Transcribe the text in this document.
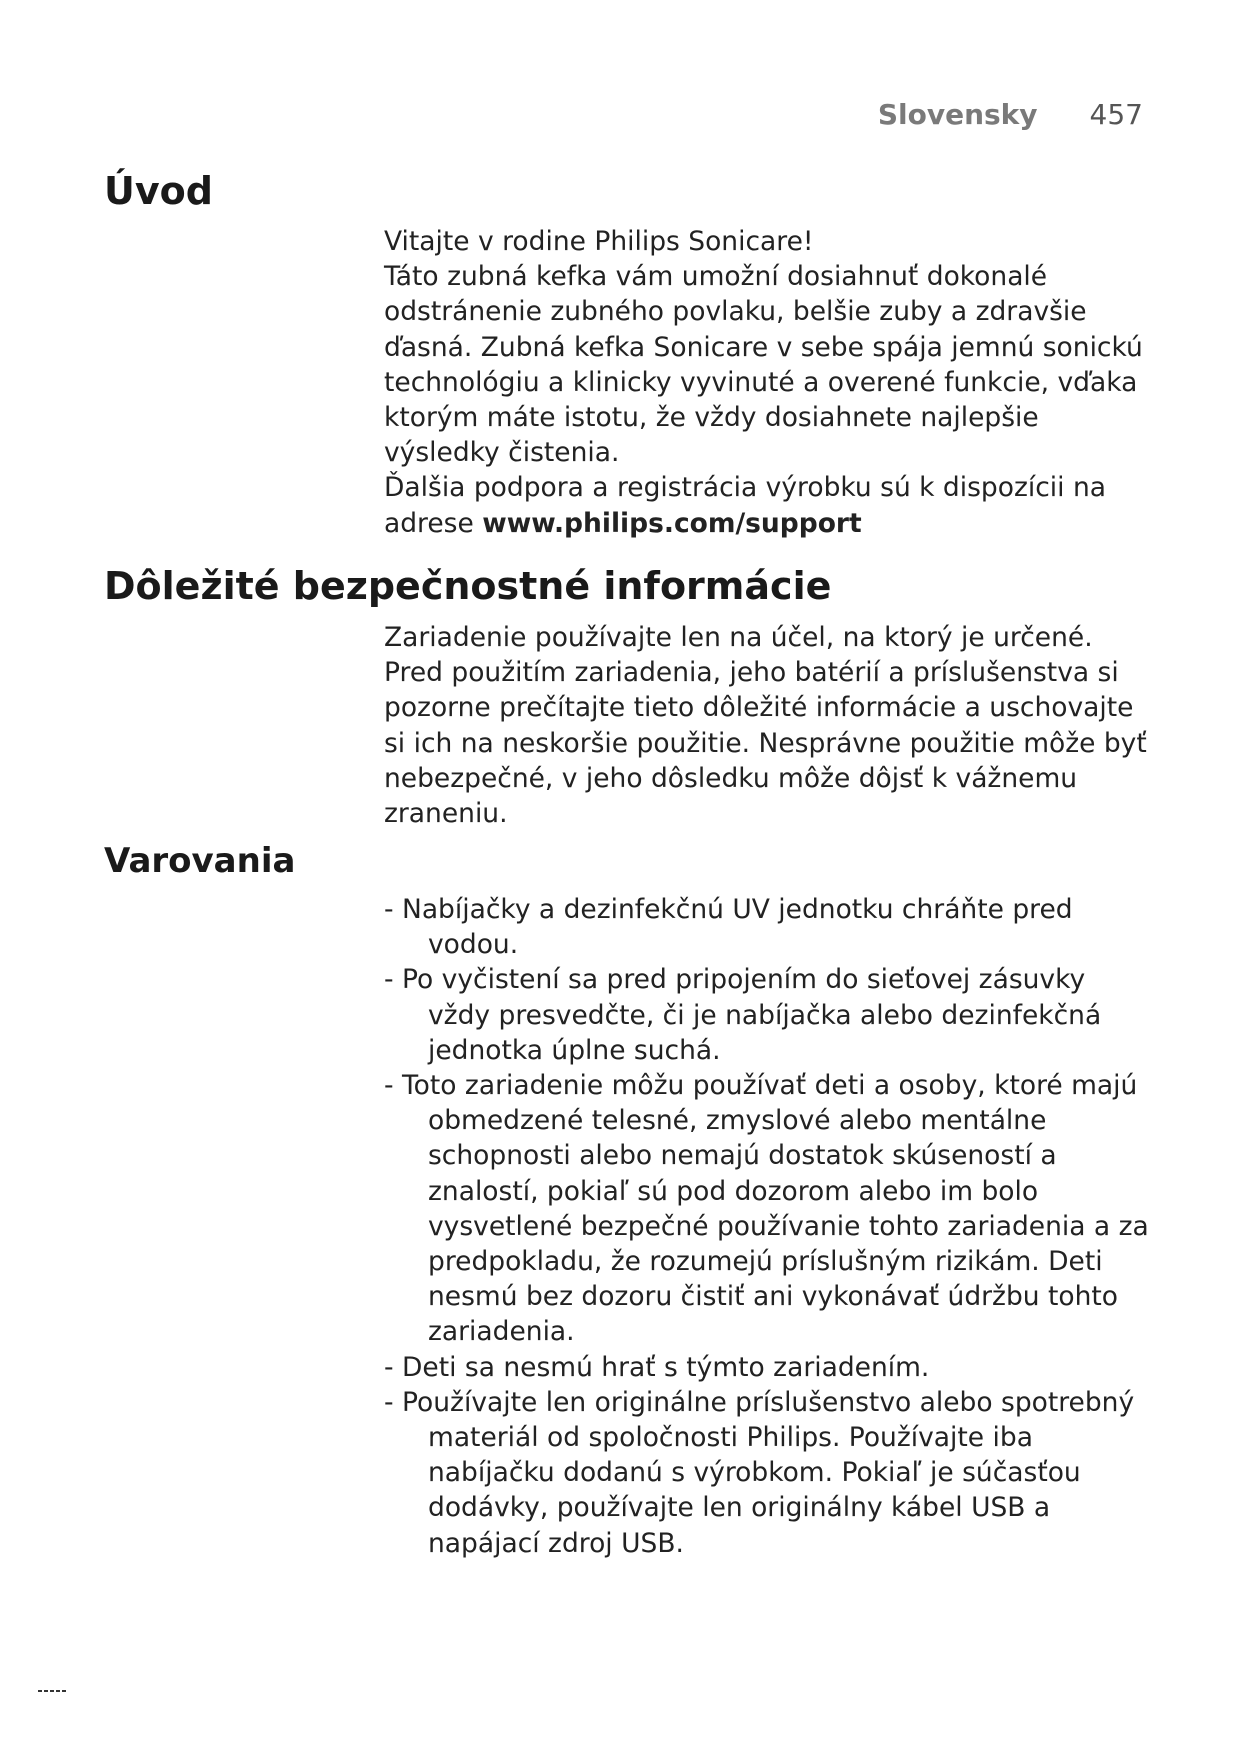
Slovensky 457
Úvod

Vitajte v rodine Philips Sonicare!

Táto zubná kefka vám umožní dosiahnuť dokonalé odstránenie zubného povlaku, belšie zuby a zdravšie ďasná. Zubná kefka Sonicare v sebe spája jemnú sonickú technológiu a klinicky vyvinuté a overené funkcie, vďaka ktorým máte istotu, že vždy dosiahnete najlepšie výsledky čistenia.

Ďalšia podpora a registrácia výrobku sú k dispozícii na adrese www.philips.com/support

Dôležité bezpečnostné informácie

Zariadenie používajte len na účel, na ktorý je určené. Pred použitím zariadenia, jeho batérií a príslušenstva si pozorne prečítajte tieto dôležité informácie a uschovajte si ich na neskoršie použitie. Nesprávne použitie môže byť nebezpečné, v jeho dôsledku môže dôjsť k vážnemu zraneniu.

Varovania
- Nabíjačky a dezinfekčnú UV jednotku chráňte pred vodou.
- Po vyčistení sa pred pripojením do sieťovej zásuvky vždy presvedčte, či je nabíjačka alebo dezinfekčná jednotka úplne suchá.
- Toto zariadenie môžu používať deti a osoby, ktoré majú obmedzené telesné, zmyslové alebo mentálne schopnosti alebo nemajú dostatok skúseností a znalostí, pokiaľ sú pod dozorom alebo im bolo vysvetlené bezpečné používanie tohto zariadenia a za predpokladu, že rozumejú príslušným rizikám. Deti nesmú bez dozoru čistiť ani vykonávať údržbu tohto zariadenia.
- Deti sa nesmú hrať s týmto zariadením.
- Používajte len originálne príslušenstvo alebo spotrebný materiál od spoločnosti Philips. Používajte iba nabíjačku dodanú s výrobkom. Pokiaľ je súčasťou dodávky, používajte len originálny kábel USB a napájací zdroj USB.
